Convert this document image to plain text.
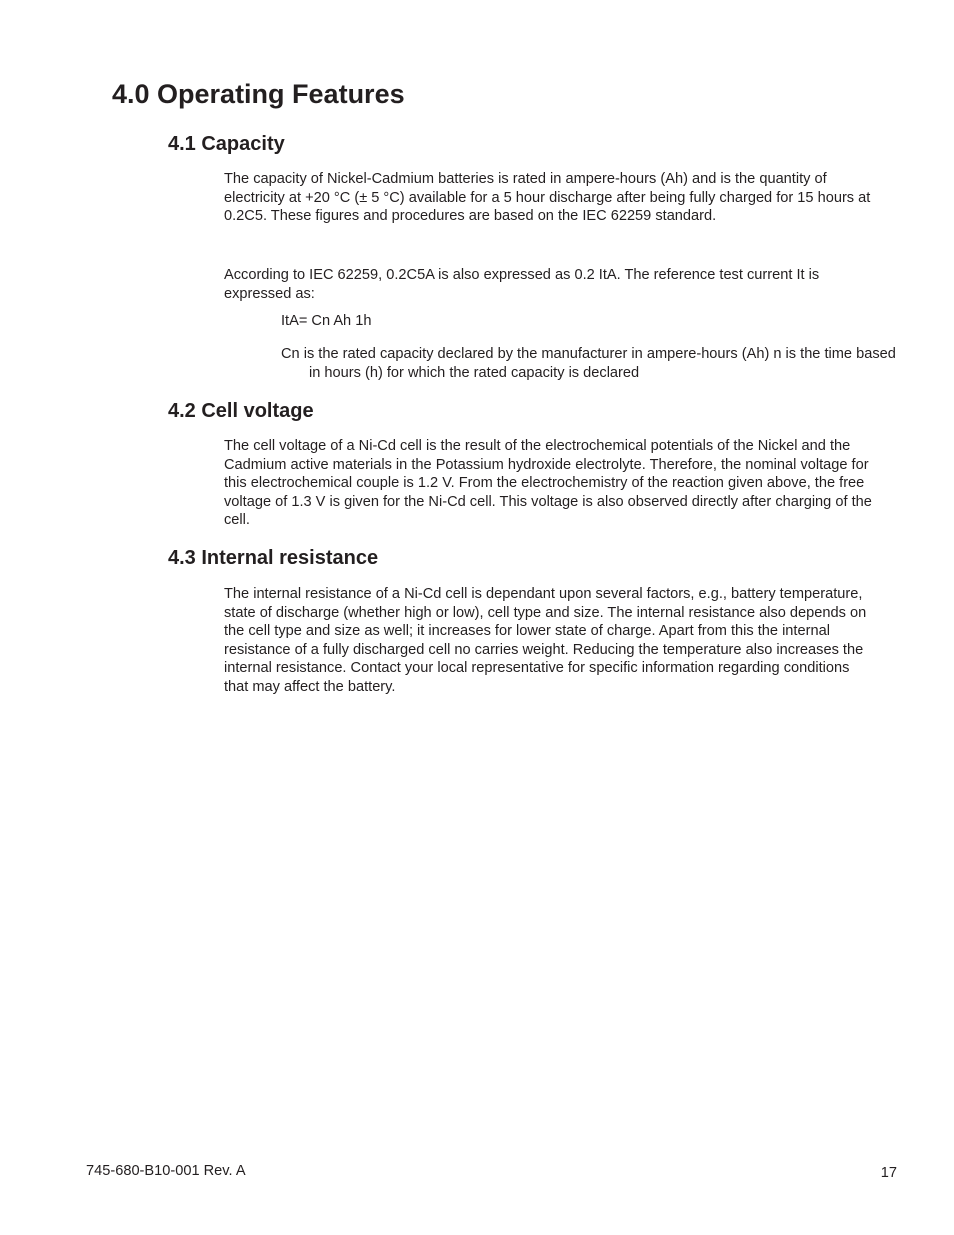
4.0 Operating Features
4.1 Capacity

The capacity of Nickel-Cadmium batteries is rated in ampere-hours (Ah) and is the quantity of electricity at +20 °C (± 5 °C) available for a 5 hour discharge after being fully charged for 15 hours at 0.2C5. These figures and procedures are based on the IEC 62259 standard.

According to IEC 62259, 0.2C5A is also expressed as 0.2 ItA. The reference test current It is expressed as:

ItA= Cn Ah 1h

Cn is the rated capacity declared by the manufacturer in ampere-hours (Ah) n is the time based in hours (h) for which the rated capacity is declared

4.2 Cell voltage

The cell voltage of a Ni-Cd cell is the result of the electrochemical potentials of the Nickel and the Cadmium active materials in the Potassium hydroxide electrolyte. Therefore, the nominal voltage for this electrochemical couple is 1.2 V. From the electrochemistry of the reaction given above, the free voltage of 1.3 V is given for the Ni-Cd cell. This voltage is also observed directly after charging of the cell.

4.3 Internal resistance

The internal resistance of a Ni-Cd cell is dependant upon several factors, e.g., battery temperature, state of discharge (whether high or low), cell type and size. The internal resistance also depends on the cell type and size as well; it increases for lower state of charge. Apart from this the internal resistance of a fully discharged cell no carries weight. Reducing the temperature also increases the internal resistance. Contact your local representative for specific information regarding conditions that may affect the battery.

745-680-B10-001 Rev. A	17
